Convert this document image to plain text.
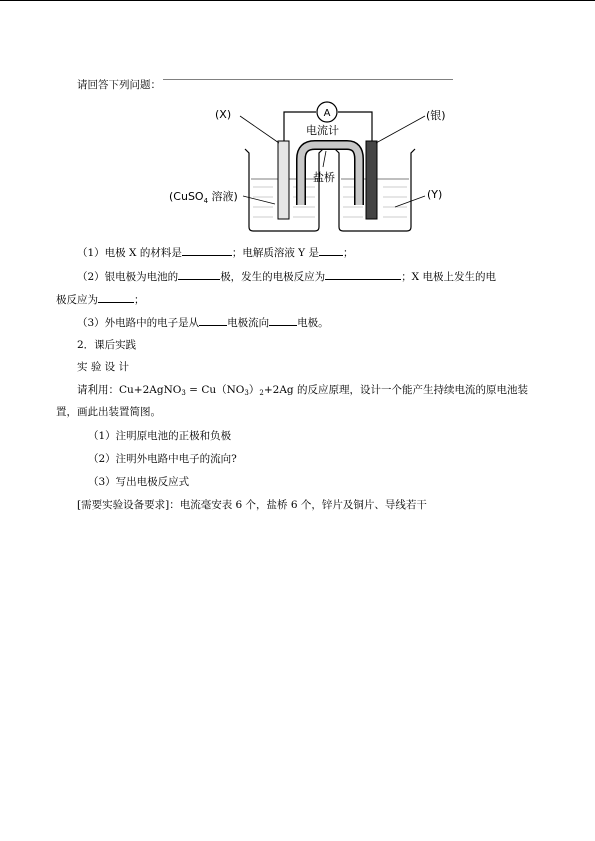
请回答下列问题：
A
电流计
盐桥
(X)	(银)
(CuSO$_4$ 溶液)	(Y)
（1）电极 X 的材料是	；电解质溶液 Y 是 ；
（2）银电极为电池的	极，发生的电极反应为	；X 电极上发生的电
极反应为	；
（3）外电路中的电子是从	电极流向	电极。
2．课后实践
实 验 设 计
请利用：Cu+2AgNO$_3$ = $Cu(NO_3)_2+2Ag$ 的反应原理，设计一个能产生持续电流的原电池装
置，画此出装置简图。
（1）注明原电池的正极和负极
（2）注明外电路中电子的流向?
（3）写出电极反应式
[需要实验设备要求]：电流毫安表 6 个，盐桥 6 个，锌片及铜片、导线若干
